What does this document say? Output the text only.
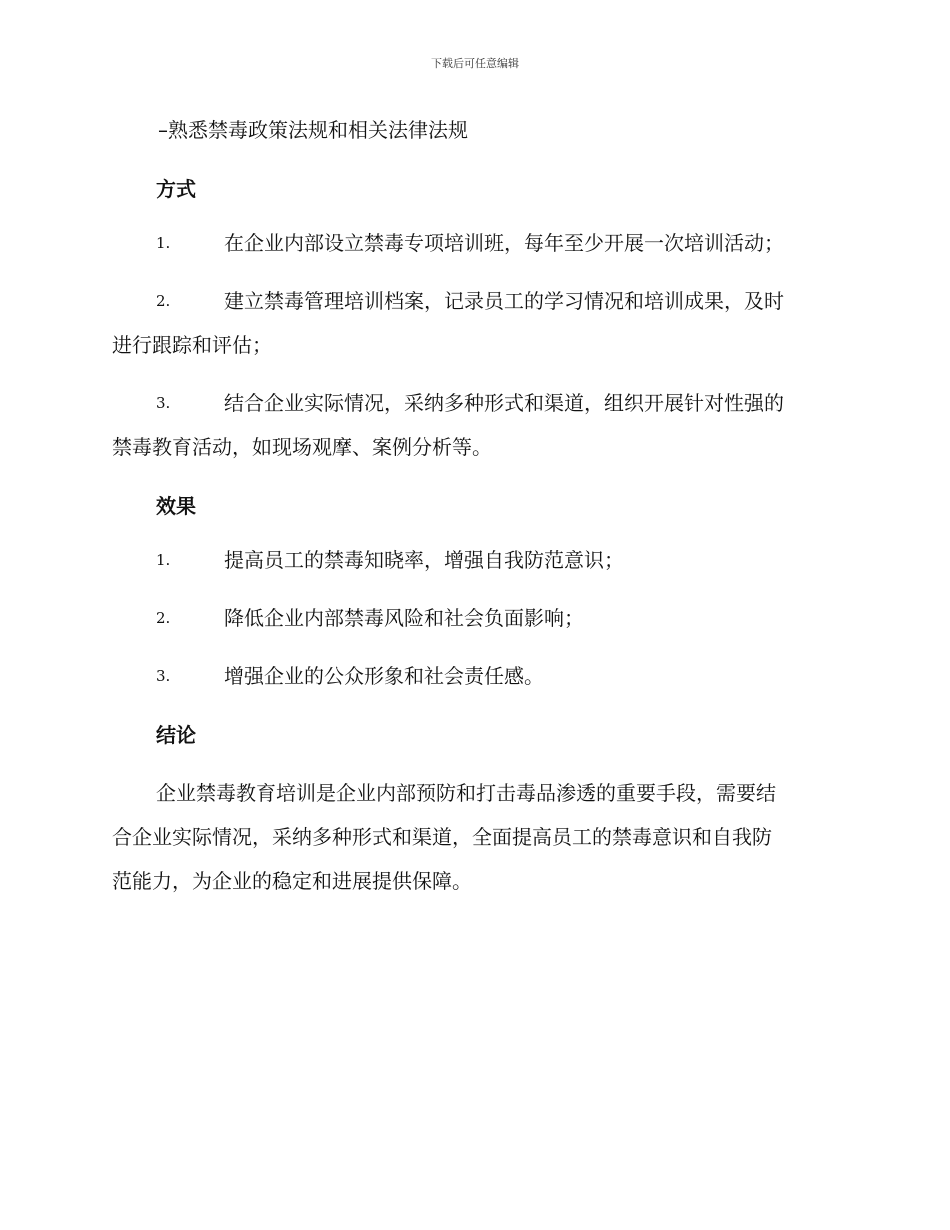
下载后可任意编辑
–熟悉禁毒政策法规和相关法律法规
方式
1.	在企业内部设立禁毒专项培训班，每年至少开展一次培训活动；
2.	建立禁毒管理培训档案，记录员工的学习情况和培训成果，及时
进行跟踪和评估；
3.	结合企业实际情况，采纳多种形式和渠道，组织开展针对性强的
禁毒教育活动，如现场观摩、案例分析等。
效果
1.	提高员工的禁毒知晓率，增强自我防范意识；
2.	降低企业内部禁毒风险和社会负面影响；
3.	增强企业的公众形象和社会责任感。
结论
企业禁毒教育培训是企业内部预防和打击毒品渗透的重要手段，需要结
合企业实际情况，采纳多种形式和渠道，全面提高员工的禁毒意识和自我防
范能力，为企业的稳定和进展提供保障。
